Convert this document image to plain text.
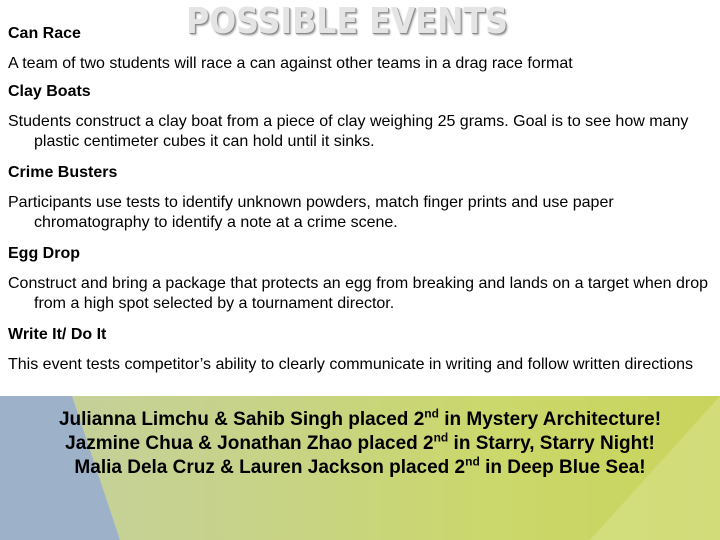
Can Race	POSSIBLE EVENTS
A team of two students will race a can against other teams in a drag race format
Clay Boats
Students construct a clay boat from a piece of clay weighing 25 grams. Goal is to see how many plastic centimeter cubes it can hold until it sinks.
Crime Busters
Participants use tests to identify unknown powders, match finger prints and use paper chromatography to identify a note at a crime scene.
Egg Drop
Construct and bring a package that protects an egg from breaking and lands on a target when drop from a high spot selected by a tournament director.
Write It/ Do It
This event tests competitor’s ability to clearly communicate in writing and follow written directions
Julianna Limchu & Sahib Singh placed 2nd in Mystery Architecture!
Jazmine Chua & Jonathan Zhao placed 2nd in Starry, Starry Night!
Malia Dela Cruz & Lauren Jackson placed 2nd in Deep Blue Sea!
